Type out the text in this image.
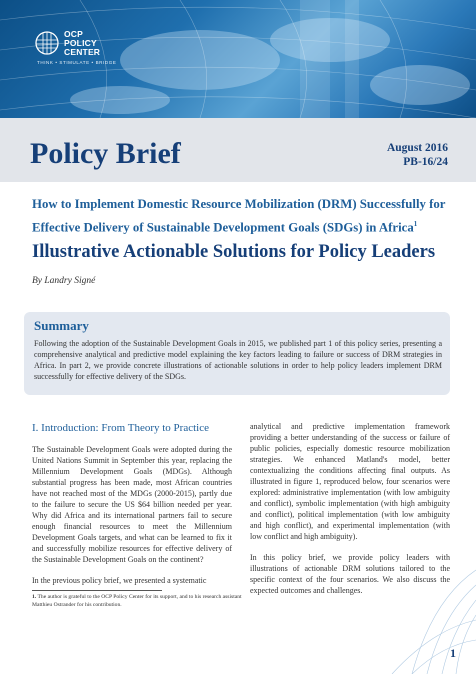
OCP
POLICY
CENTER
THINK • STIMULATE • BRIDGE
Policy Brief	August 2016
PB-16/24
How to Implement Domestic Resource Mobilization (DRM) Successfully for Effective Delivery of Sustainable Development Goals (SDGs) in Africa$^1$
Illustrative Actionable Solutions for Policy Leaders
By Landry Signé
Summary
Following the adoption of the Sustainable Development Goals in 2015, we published part 1 of this policy series, presenting a comprehensive analytical and predictive model explaining the key factors leading to failure or success of DRM strategies in Africa. In part 2, we provide concrete illustrations of actionable solutions in order to help policy leaders implement DRM successfully for effective delivery of the SDGs.
I. Introduction: From Theory to Practice

The Sustainable Development Goals were adopted during the United Nations Summit in September this year, replacing the Millennium Development Goals (MDGs). Although substantial progress has been made, most African countries have not reached most of the MDGs (2000-2015), partly due to the failure to secure the US $64 billion needed per year. Why did Africa and its international partners fail to secure enough financial resources to meet the Millennium Development Goals targets, and what can be learned to fix it and successfully mobilize resources for effective delivery of the Sustainable Development Goals on the continent?

In the previous policy brief, we presented a systematic

analytical and predictive implementation framework providing a better understanding of the success or failure of public policies, especially domestic resource mobilization strategies. We enhanced Matland's model, better contextualizing the conditions affecting final outputs. As illustrated in figure 1, reproduced below, four scenarios were explored: administrative implementation (with low ambiguity and conflict), symbolic implementation (with high ambiguity and conflict), political implementation (with low ambiguity and high conflict), and experimental implementation (with low conflict and high ambiguity).

In this policy brief, we provide policy leaders with illustrations of actionable DRM solutions tailored to the specific context of the four scenarios. We also discuss the expected outcomes and challenges.

1. The author is grateful to the OCP Policy Center for its support, and to his research assistant Matthieu Ostrander for his contribution.
1
